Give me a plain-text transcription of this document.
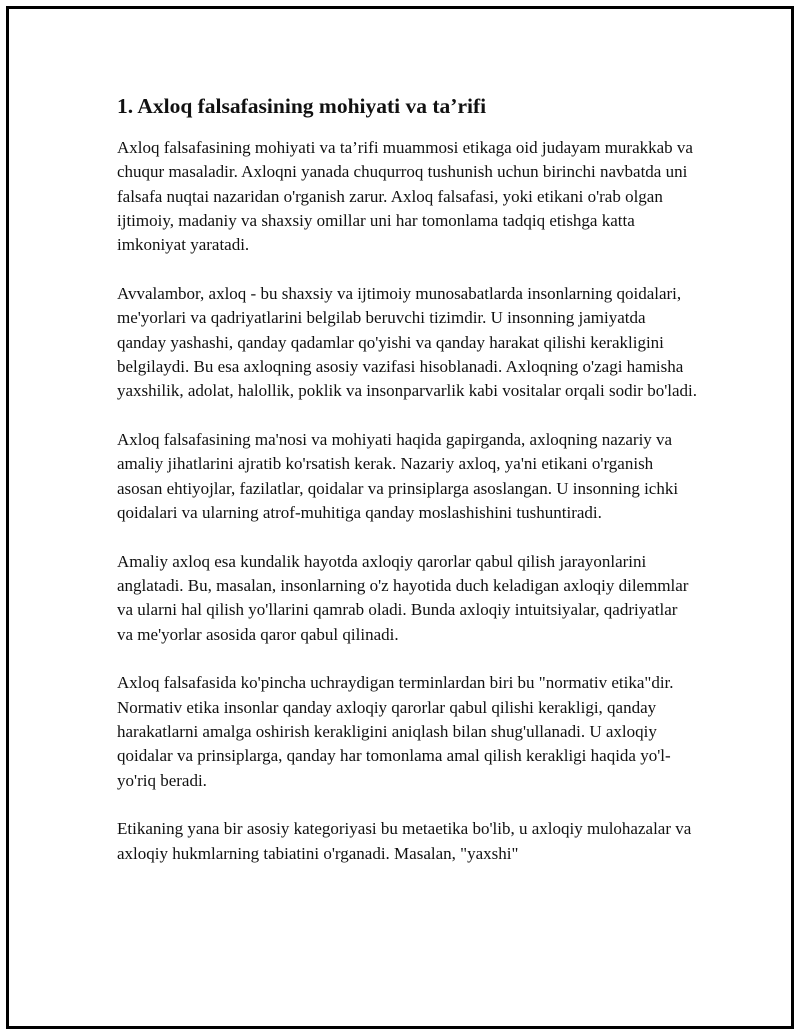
1. Axloq falsafasining mohiyati va ta’rifi

Axloq falsafasining mohiyati va ta’rifi muammosi etikaga oid judayam murakkab va chuqur masaladir. Axloqni yanada chuqurroq tushunish uchun birinchi navbatda uni falsafa nuqtai nazaridan o'rganish zarur. Axloq falsafasi, yoki etikani o'rab olgan ijtimoiy, madaniy va shaxsiy omillar uni har tomonlama tadqiq etishga katta imkoniyat yaratadi.

Avvalambor, axloq - bu shaxsiy va ijtimoiy munosabatlarda insonlarning qoidalari, me'yorlari va qadriyatlarini belgilab beruvchi tizimdir. U insonning jamiyatda qanday yashashi, qanday qadamlar qo'yishi va qanday harakat qilishi kerakligini belgilaydi. Bu esa axloqning asosiy vazifasi hisoblanadi. Axloqning o'zagi hamisha yaxshilik, adolat, halollik, poklik va insonparvarlik kabi vositalar orqali sodir bo'ladi.

Axloq falsafasining ma'nosi va mohiyati haqida gapirganda, axloqning nazariy va amaliy jihatlarini ajratib ko'rsatish kerak. Nazariy axloq, ya'ni etikani o'rganish asosan ehtiyojlar, fazilatlar, qoidalar va prinsiplarga asoslangan. U insonning ichki qoidalari va ularning atrof-muhitiga qanday moslashishini tushuntiradi.

Amaliy axloq esa kundalik hayotda axloqiy qarorlar qabul qilish jarayonlarini anglatadi. Bu, masalan, insonlarning o'z hayotida duch keladigan axloqiy dilemmlar va ularni hal qilish yo'llarini qamrab oladi. Bunda axloqiy intuitsiyalar, qadriyatlar va me'yorlar asosida qaror qabul qilinadi.

Axloq falsafasida ko'pincha uchraydigan terminlardan biri bu "normativ etika"dir. Normativ etika insonlar qanday axloqiy qarorlar qabul qilishi kerakligi, qanday harakatlarni amalga oshirish kerakligini aniqlash bilan shug'ullanadi. U axloqiy qoidalar va prinsiplarga, qanday har tomonlama amal qilish kerakligi haqida yo'l-yo'riq beradi.

Etikaning yana bir asosiy kategoriyasi bu metaetika bo'lib, u axloqiy mulohazalar va axloqiy hukmlarning tabiatini o'rganadi. Masalan, "yaxshi"
